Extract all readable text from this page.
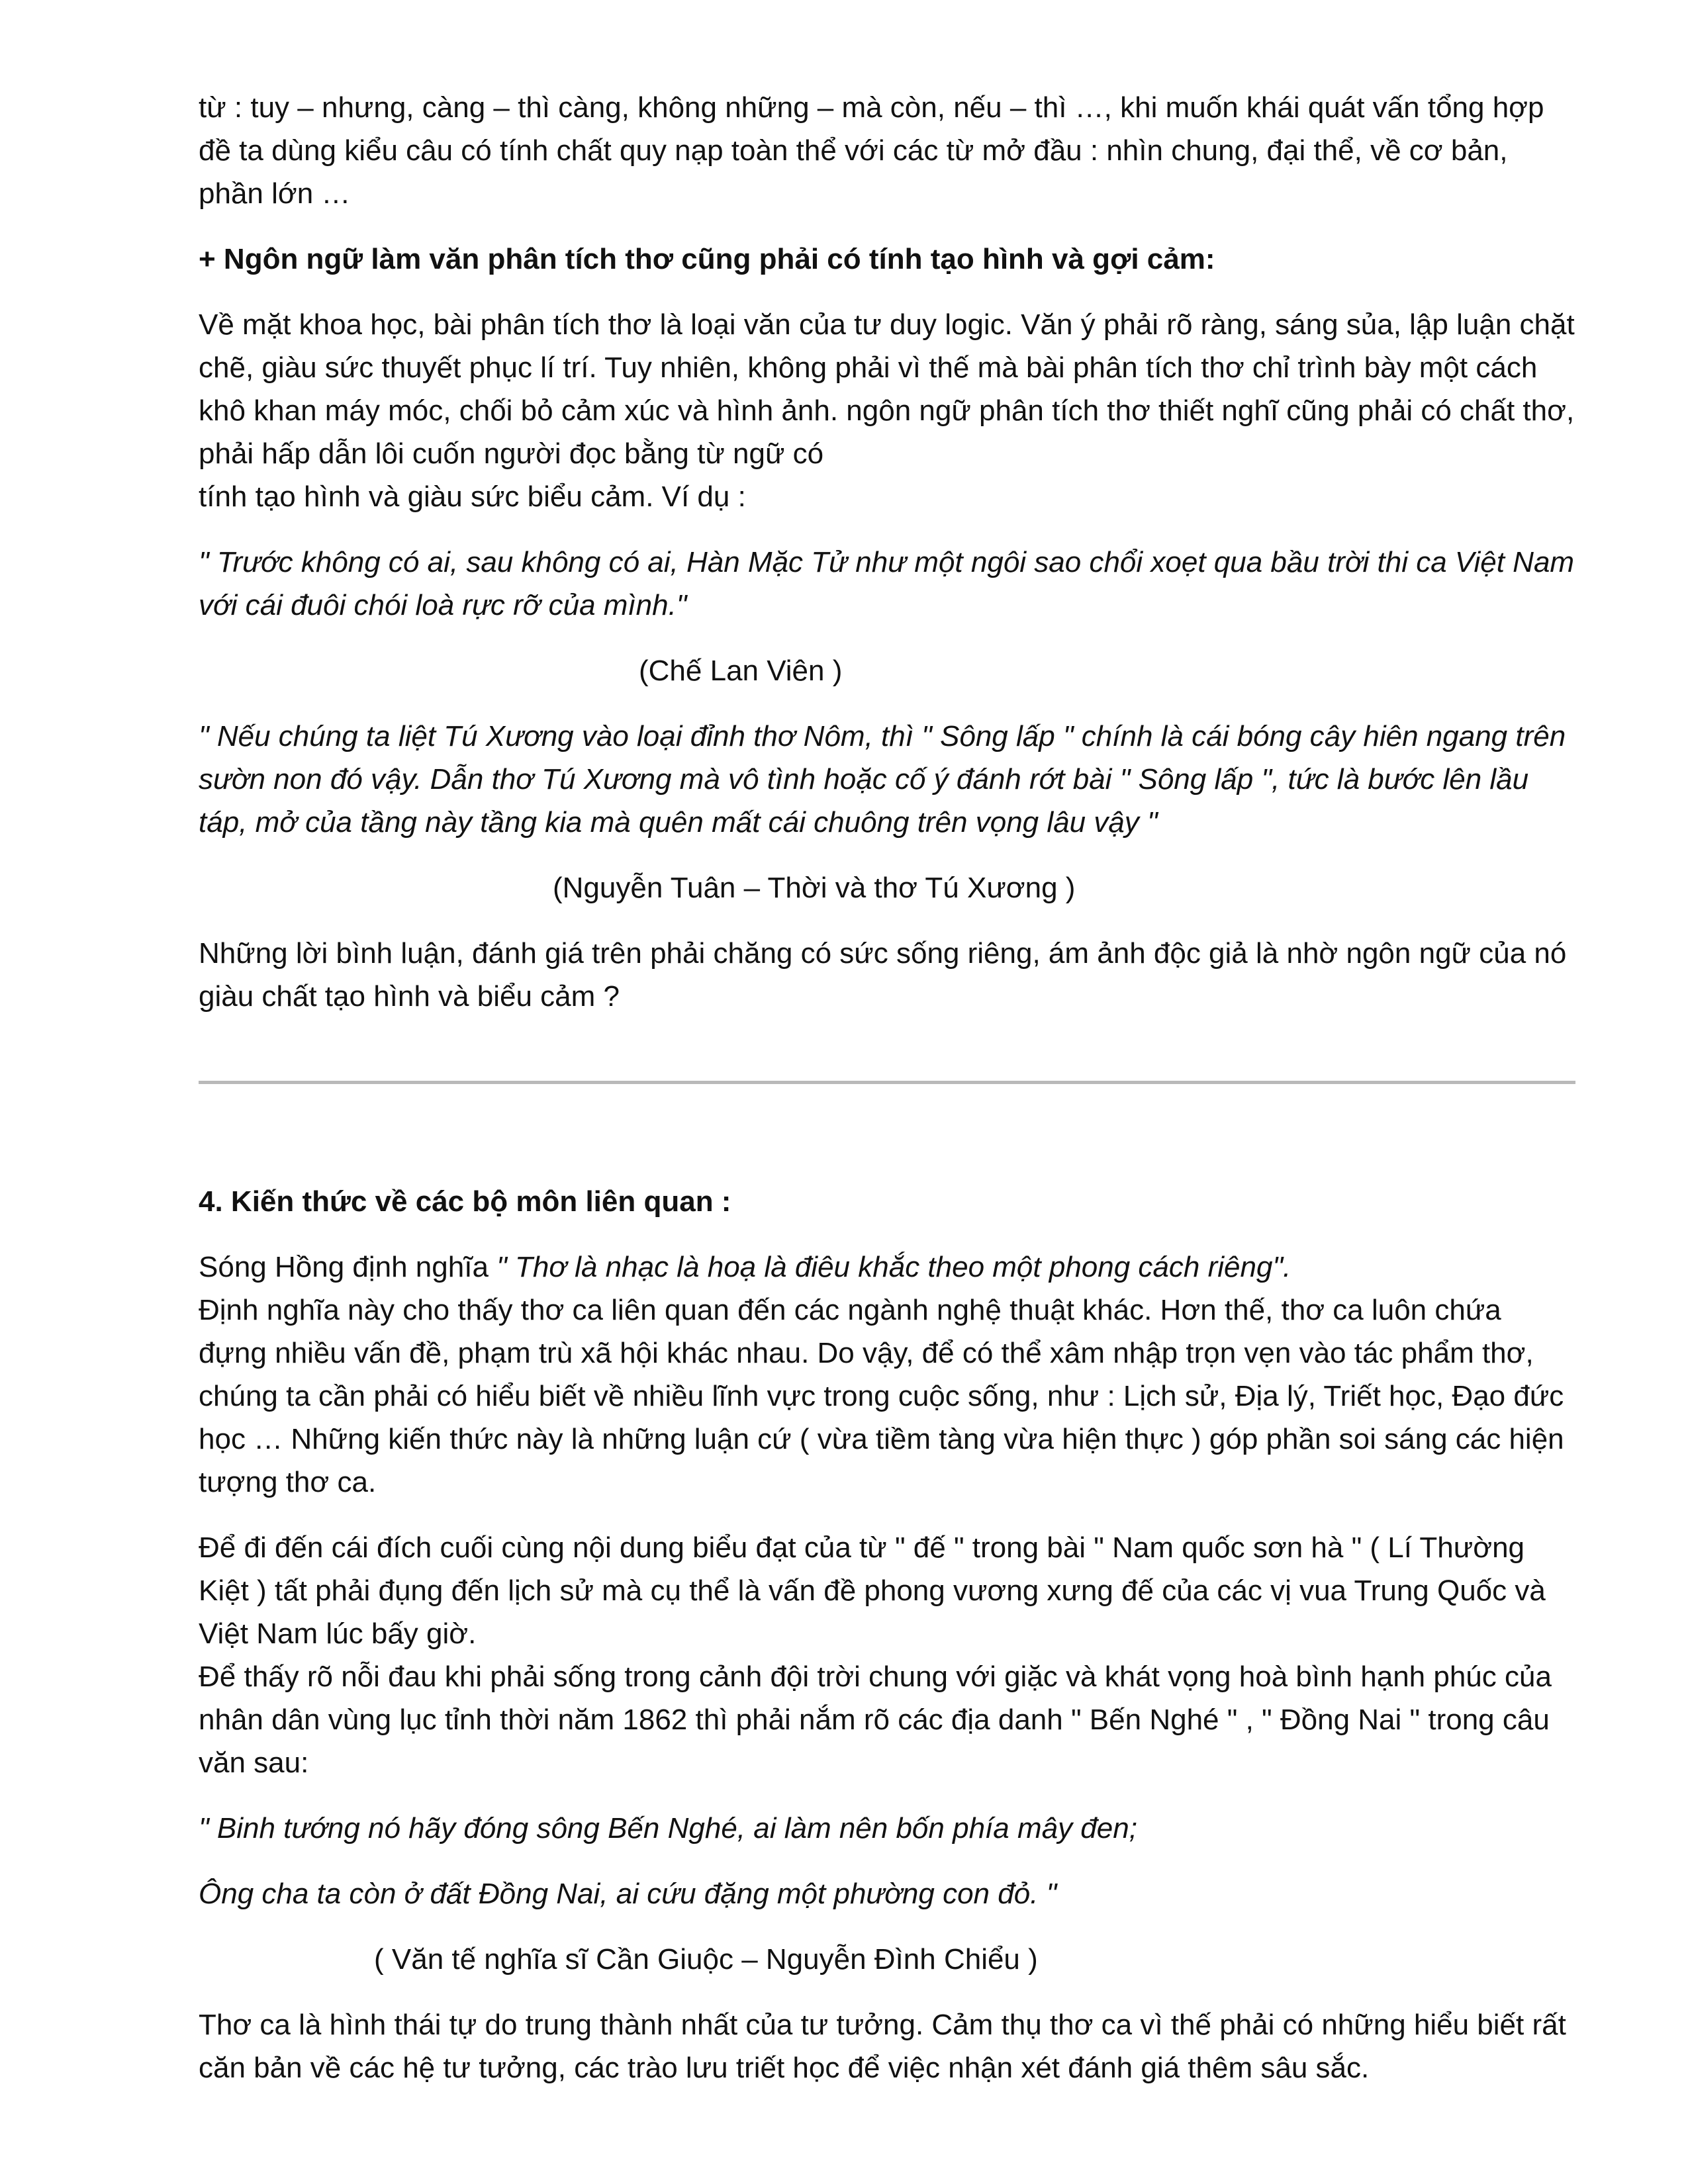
từ : tuy – nhưng, càng – thì càng, không những – mà còn, nếu – thì …, khi muốn khái quát vấn tổng hợp đề ta dùng kiểu câu có tính chất quy nạp toàn thể với các từ mở đầu : nhìn chung, đại thể, về cơ bản, phần lớn …

+ Ngôn ngữ làm văn phân tích thơ cũng phải có tính tạo hình và gợi cảm:

Về mặt khoa học, bài phân tích thơ là loại văn của tư duy logic. Văn ý phải rõ ràng, sáng sủa, lập luận chặt chẽ, giàu sức thuyết phục lí trí. Tuy nhiên, không phải vì thế mà bài phân tích thơ chỉ trình bày một cách khô khan máy móc, chối bỏ cảm xúc và hình ảnh. ngôn ngữ phân tích thơ thiết nghĩ cũng phải có chất thơ, phải hấp dẫn lôi cuốn người đọc bằng từ ngữ có
tính tạo hình và giàu sức biểu cảm. Ví dụ :

" Trước không có ai, sau không có ai, Hàn Mặc Tử như một ngôi sao chổi xoẹt qua bầu trời thi ca Việt Nam với cái đuôi chói loà rực rỡ của mình."

(Chế Lan Viên )

" Nếu chúng ta liệt Tú Xương vào loại đỉnh thơ Nôm, thì " Sông lấp " chính là cái bóng cây hiên ngang trên sườn non đó vậy. Dẫn thơ Tú Xương mà vô tình hoặc cố ý đánh rớt bài " Sông lấp ", tức là bước lên lầu táp, mở của tầng này tầng kia mà quên mất cái chuông trên vọng lâu vậy "

(Nguyễn Tuân – Thời và thơ Tú Xương )

Những lời bình luận, đánh giá trên phải chăng có sức sống riêng, ám ảnh độc giả là nhờ ngôn ngữ của nó giàu chất tạo hình và biểu cảm ?

4. Kiến thức về các bộ môn liên quan :

Sóng Hồng định nghĩa " Thơ là nhạc là hoạ là điêu khắc theo một phong cách riêng".
Định nghĩa này cho thấy thơ ca liên quan đến các ngành nghệ thuật khác. Hơn thế, thơ ca luôn chứa đựng nhiều vấn đề, phạm trù xã hội khác nhau. Do vậy, để có thể xâm nhập trọn vẹn vào tác phẩm thơ, chúng ta cần phải có hiểu biết về nhiều lĩnh vực trong cuộc sống, như : Lịch sử, Địa lý, Triết học, Đạo đức học … Những kiến thức này là những luận cứ ( vừa tiềm tàng vừa hiện thực ) góp phần soi sáng các hiện tượng thơ ca.

Để đi đến cái đích cuối cùng nội dung biểu đạt của từ " đế " trong bài " Nam quốc sơn hà " ( Lí Thường Kiệt ) tất phải đụng đến lịch sử mà cụ thể là vấn đề phong vương xưng đế của các vị vua Trung Quốc và Việt Nam lúc bấy giờ.
Để thấy rõ nỗi đau khi phải sống trong cảnh đội trời chung với giặc và khát vọng hoà bình hạnh phúc của nhân dân vùng lục tỉnh thời năm 1862 thì phải nắm rõ các địa danh " Bến Nghé " , " Đồng Nai " trong câu văn sau:

" Binh tướng nó hãy đóng sông Bến Nghé, ai làm nên bốn phía mây đen;

Ông cha ta còn ở đất Đồng Nai, ai cứu đặng một phường con đỏ. "

( Văn tế nghĩa sĩ Cần Giuộc – Nguyễn Đình Chiểu )

Thơ ca là hình thái tự do trung thành nhất của tư tưởng. Cảm thụ thơ ca vì thế phải có những hiểu biết rất căn bản về các hệ tư tưởng, các trào lưu triết học để việc nhận xét đánh giá thêm sâu sắc.
